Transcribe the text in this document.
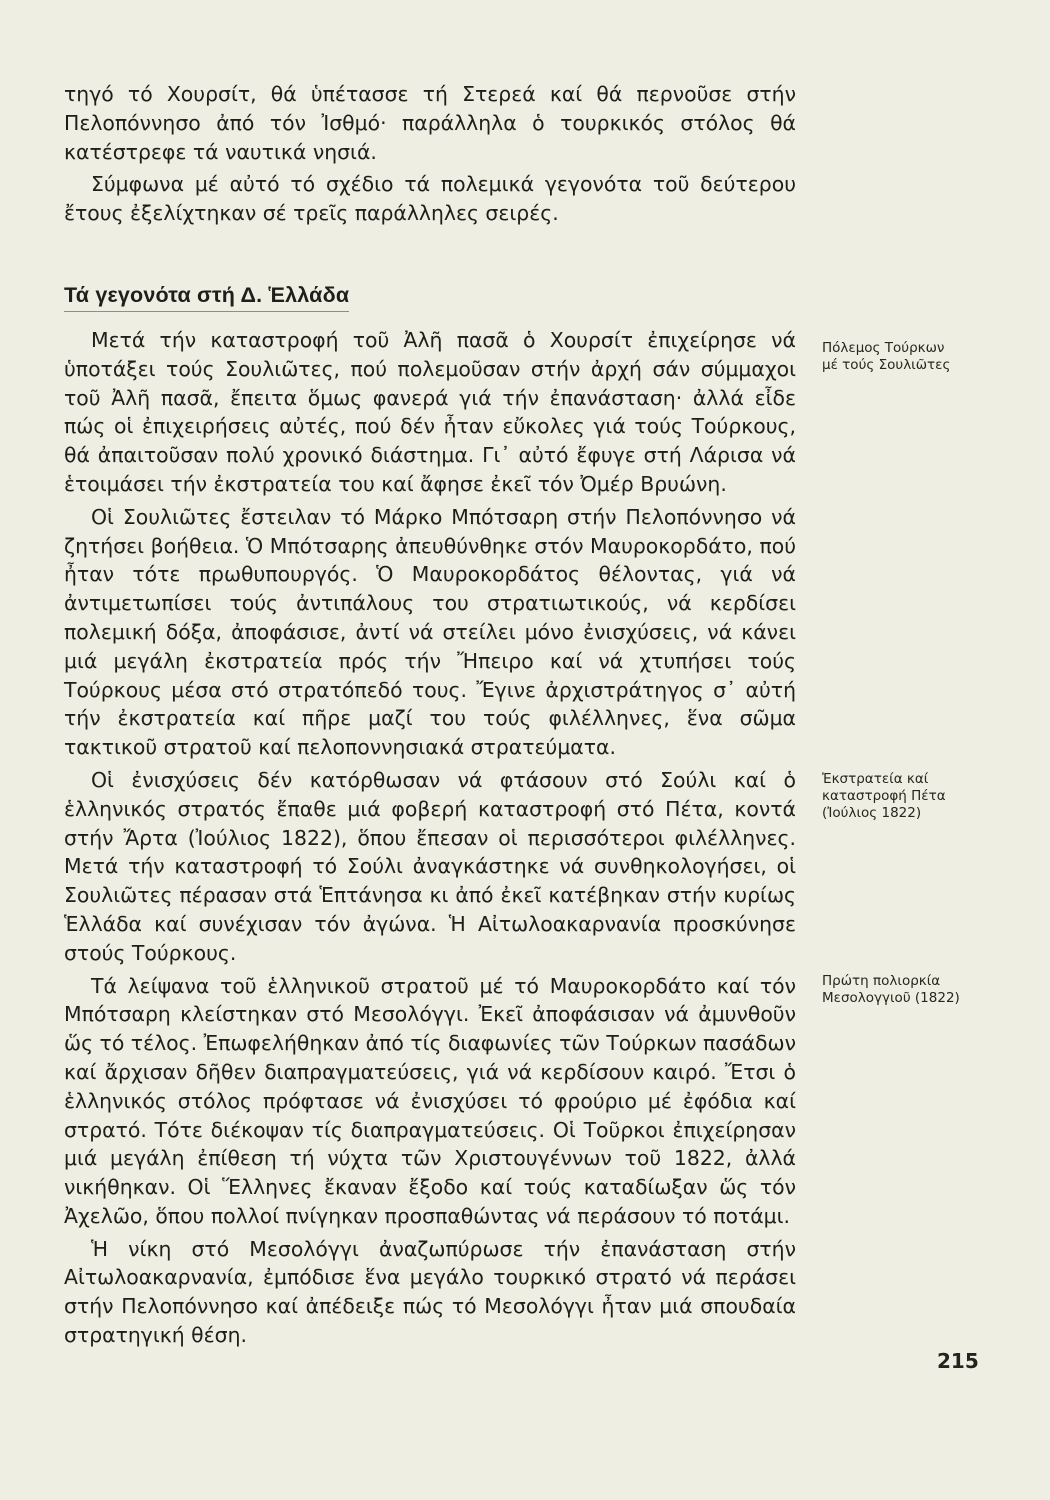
τηγό τό Χουρσίτ, θά ὑπέτασσε τή Στερεά καί θά περνοῦσε στήν Πελοπόννησο ἀπό τόν Ἰσθμό· παράλληλα ὁ τουρκικός στόλος θά κατέστρεφε τά ναυτικά νησιά.

Σύμφωνα μέ αὐτό τό σχέδιο τά πολεμικά γεγονότα τοῦ δεύτερου ἔτους ἐξελίχτηκαν σέ τρεῖς παράλληλες σειρές.

Τά γεγονότα στή Δ. Ἑλλάδα

Μετά τήν καταστροφή τοῦ Ἀλῆ πασᾶ ὁ Χουρσίτ ἐπιχείρησε νά ὑποτάξει τούς Σουλιῶτες, πού πολεμοῦσαν στήν ἀρχή σάν σύμμαχοι τοῦ Ἀλῆ πασᾶ, ἔπειτα ὅμως φανερά γιά τήν ἐπανάσταση· ἀλλά εἶδε πώς οἱ ἐπιχειρήσεις αὐτές, πού δέν ἦταν εὔκολες γιά τούς Τούρκους, θά ἀπαιτοῦσαν πολύ χρονικό διάστημα. Γι᾽ αὐτό ἔφυγε στή Λάρισα νά ἑτοιμάσει τήν ἐκστρατεία του καί ἄφησε ἐκεῖ τόν Ὀμέρ Βρυώνη.

Οἱ Σουλιῶτες ἔστειλαν τό Μάρκο Μπότσαρη στήν Πελοπόννησο νά ζητήσει βοήθεια. Ὁ Μπότσαρης ἀπευθύνθηκε στόν Μαυροκορδάτο, πού ἦταν τότε πρωθυπουργός. Ὁ Μαυροκορδάτος θέλοντας, γιά νά ἀντιμετωπίσει τούς ἀντιπάλους του στρατιωτικούς, νά κερδίσει πολεμική δόξα, ἀποφάσισε, ἀντί νά στείλει μόνο ἐνισχύσεις, νά κάνει μιά μεγάλη ἐκστρατεία πρός τήν Ἤπειρο καί νά χτυπήσει τούς Τούρκους μέσα στό στρατόπεδό τους. Ἔγινε ἀρχιστράτηγος σ᾽ αὐτή τήν ἐκστρατεία καί πῆρε μαζί του τούς φιλέλληνες, ἕνα σῶμα τακτικοῦ στρατοῦ καί πελοποννησιακά στρατεύματα.

Οἱ ἐνισχύσεις δέν κατόρθωσαν νά φτάσουν στό Σούλι καί ὁ ἑλληνικός στρατός ἔπαθε μιά φοβερή καταστροφή στό Πέτα, κοντά στήν Ἄρτα (Ἰούλιος 1822), ὅπου ἔπεσαν οἱ περισσότεροι φιλέλληνες. Μετά τήν καταστροφή τό Σούλι ἀναγκάστηκε νά συνθηκολογήσει, οἱ Σουλιῶτες πέρασαν στά Ἑπτάνησα κι ἀπό ἐκεῖ κατέβηκαν στήν κυρίως Ἑλλάδα καί συνέχισαν τόν ἀγώνα. Ἡ Αἰτωλοακαρνανία προσκύνησε στούς Τούρκους.

Τά λείψανα τοῦ ἑλληνικοῦ στρατοῦ μέ τό Μαυροκορδάτο καί τόν Μπότσαρη κλείστηκαν στό Μεσολόγγι. Ἐκεῖ ἀποφάσισαν νά ἀμυνθοῦν ὥς τό τέλος. Ἐπωφελήθηκαν ἀπό τίς διαφωνίες τῶν Τούρκων πασάδων καί ἄρχισαν δῆθεν διαπραγματεύσεις, γιά νά κερδίσουν καιρό. Ἔτσι ὁ ἑλληνικός στόλος πρόφτασε νά ἐνισχύσει τό φρούριο μέ ἐφόδια καί στρατό. Τότε διέκοψαν τίς διαπραγματεύσεις. Οἱ Τοῦρκοι ἐπιχείρησαν μιά μεγάλη ἐπίθεση τή νύχτα τῶν Χριστουγέννων τοῦ 1822, ἀλλά νικήθηκαν. Οἱ Ἕλληνες ἔκαναν ἔξοδο καί τούς καταδίωξαν ὥς τόν Ἀχελῶο, ὅπου πολλοί πνίγηκαν προσπαθώντας νά περάσουν τό ποτάμι.

Ἡ νίκη στό Μεσολόγγι ἀναζωπύρωσε τήν ἐπανάσταση στήν Αἰτωλοακαρνανία, ἐμπόδισε ἕνα μεγάλο τουρκικό στρατό νά περάσει στήν Πελοπόννησο καί ἀπέδειξε πώς τό Μεσολόγγι ἦταν μιά σπουδαία στρατηγική θέση.

Πόλεμος Τούρκων
μέ τούς Σουλιῶτες
Ἐκστρατεία καί
καταστροφή Πέτα
(Ἰούλιος 1822)
Πρώτη πολιορκία
Μεσολογγιοῦ (1822)
215
